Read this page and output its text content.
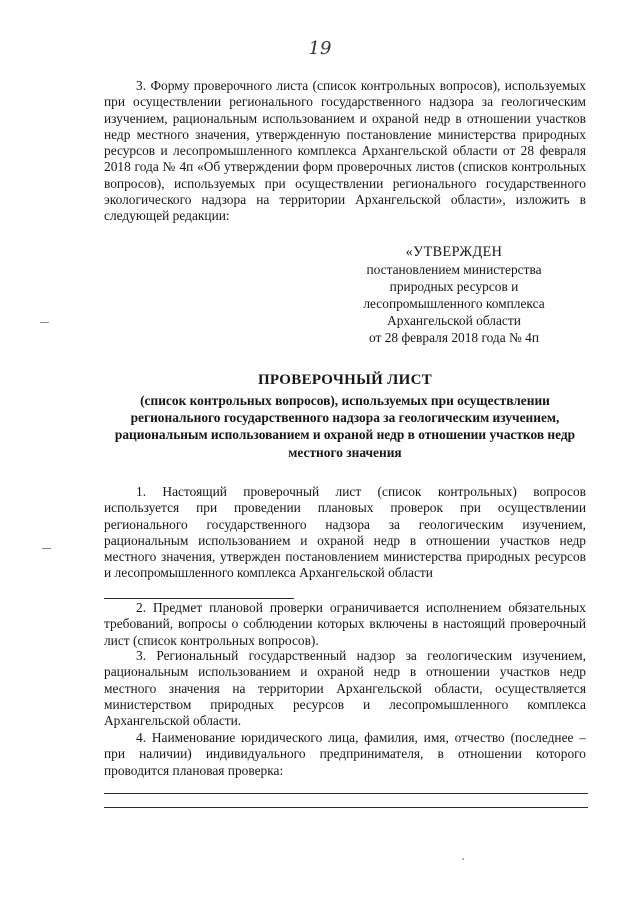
19

3. Форму проверочного листа (список контрольных вопросов), используемых при осуществлении регионального государственного надзора за геологическим изучением, рациональным использованием и охраной недр в отношении участков недр местного значения, утвержденную постановление министерства природных ресурсов и лесопромышленного комплекса Архангельской области от 28 февраля 2018 года № 4п «Об утверждении форм проверочных листов (списков контрольных вопросов), используемых при осуществлении регионального государственного экологического надзора на территории Архангельской области», изложить в следующей редакции:

«УТВЕРЖДЕН
постановлением министерства
природных ресурсов и
лесопромышленного комплекса
Архангельской области
от 28 февраля 2018 года № 4п
ПРОВЕРОЧНЫЙ ЛИСТ
(список контрольных вопросов), используемых при осуществлении регионального государственного надзора за геологическим изучением, рациональным использованием и охраной недр в отношении участков недр местного значения

1. Настоящий проверочный лист (список контрольных) вопросов используется при проведении плановых проверок при осуществлении регионального государственного надзора за геологическим изучением, рациональным использованием и охраной недр в отношении участков недр местного значения, утвержден постановлением министерства природных ресурсов и лесопромышленного комплекса Архангельской области

2. Предмет плановой проверки ограничивается исполнением обязательных требований, вопросы о соблюдении которых включены в настоящий проверочный лист (список контрольных вопросов).

3. Региональный государственный надзор за геологическим изучением, рациональным использованием и охраной недр в отношении участков недр местного значения на территории Архангельской области, осуществляется министерством природных ресурсов и лесопромышленного комплекса Архангельской области.

4. Наименование юридического лица, фамилия, имя, отчество (последнее – при наличии) индивидуального предпринимателя, в отношении которого проводится плановая проверка:
